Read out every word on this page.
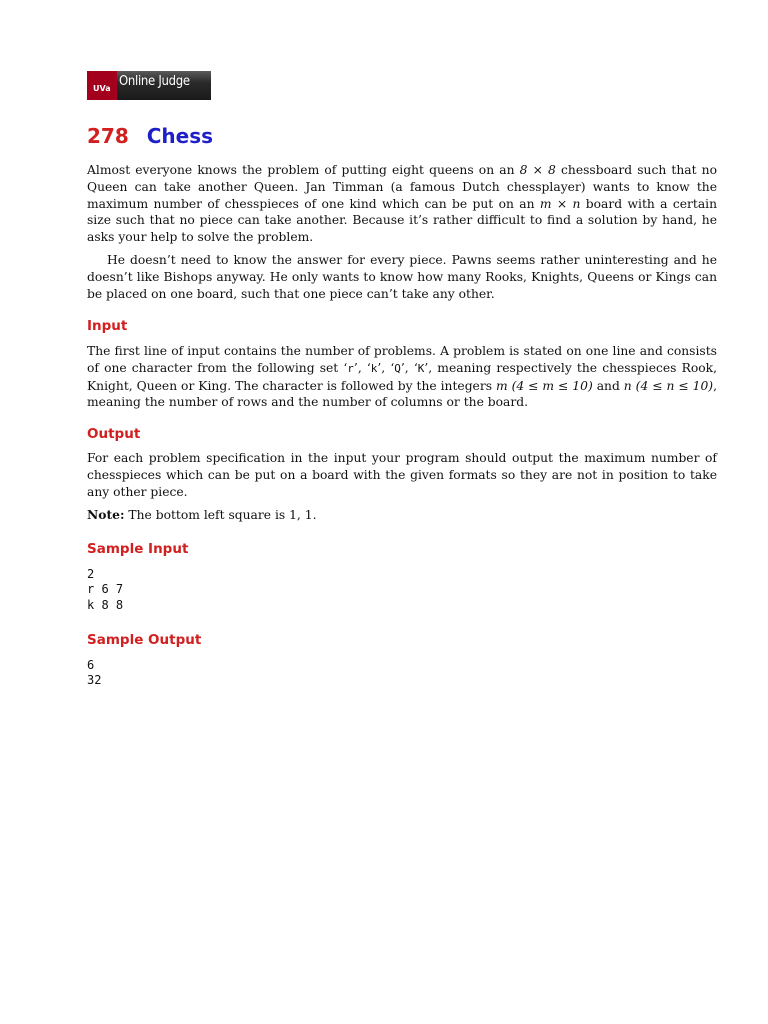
UVa Online Judge
278 Chess

Almost everyone knows the problem of putting eight queens on an 8 × 8 chessboard such that no Queen can take another Queen. Jan Timman (a famous Dutch chessplayer) wants to know the maximum number of chesspieces of one kind which can be put on an m × n board with a certain size such that no piece can take another. Because it’s rather difficult to find a solution by hand, he asks your help to solve the problem.

He doesn’t need to know the answer for every piece. Pawns seems rather uninteresting and he doesn’t like Bishops anyway. He only wants to know how many Rooks, Knights, Queens or Kings can be placed on one board, such that one piece can’t take any other.

Input

The first line of input contains the number of problems. A problem is stated on one line and consists of one character from the following set ‘r’, ‘k’, ‘Q’, ‘K’, meaning respectively the chesspieces Rook, Knight, Queen or King. The character is followed by the integers m (4 ≤ m ≤ 10) and n (4 ≤ n ≤ 10), meaning the number of rows and the number of columns or the board.

Output

For each problem specification in the input your program should output the maximum number of chesspieces which can be put on a board with the given formats so they are not in position to take any other piece.

Note: The bottom left square is 1, 1.

Sample Input
2
r 6 7
k 8 8
Sample Output
6
32
